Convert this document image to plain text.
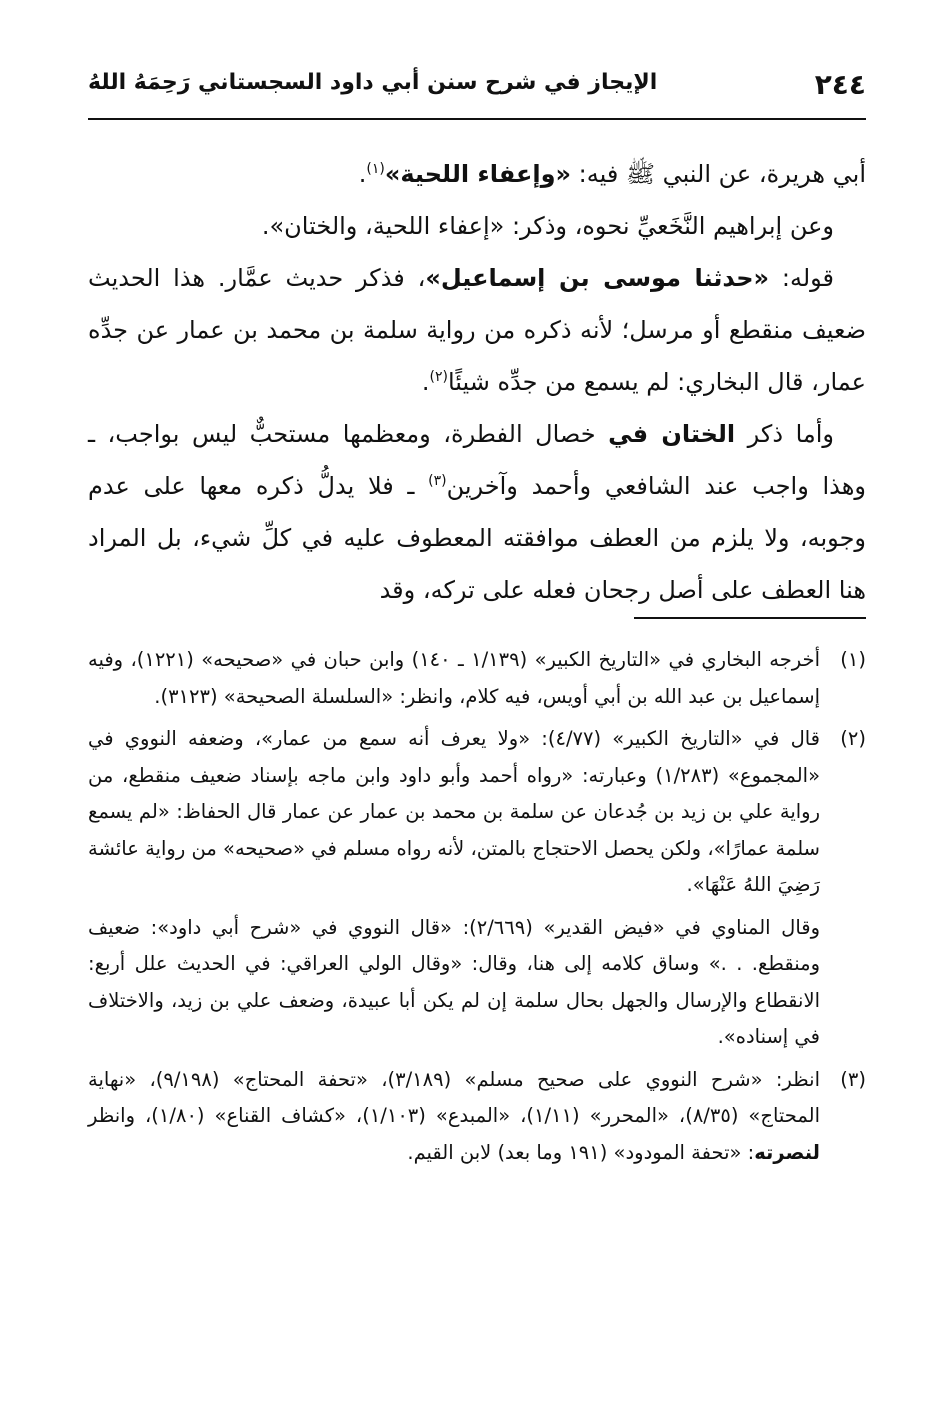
٢٤٤
الإيجاز في شرح سنن أبي داود السجستاني رَحِمَهُ اللهُ

أبي هريرة، عن النبي ﷺ فيه: «وإعفاء اللحية»$^{(١)}$.

وعن إبراهيم النَّخَعيِّ نحوه، وذكر: «إعفاء اللحية، والختان».

قوله: «حدثنا موسى بن إسماعيل»، فذكر حديث عمَّار. هذا الحديث ضعيف منقطع أو مرسل؛ لأنه ذكره من رواية سلمة بن محمد بن عمار عن جدِّه عمار، قال البخاري: لم يسمع من جدِّه شيئًا$^{(٢)}$.

وأما ذكر الختان في خصال الفطرة، ومعظمها مستحبٌّ ليس بواجب، ـ وهذا واجب عند الشافعي وأحمد وآخرين$^{(٣)}$ ـ فلا يدلُّ ذكره معها على عدم وجوبه، ولا يلزم من العطف موافقته المعطوف عليه في كلِّ شيء، بل المراد هنا العطف على أصل رجحان فعله على تركه، وقد

(١)
أخرجه البخاري في «التاريخ الكبير» (١/١٣٩ ـ ١٤٠) وابن حبان في «صحيحه» (١٢٢١)، وفيه إسماعيل بن عبد الله بن أبي أويس، فيه كلام، وانظر: «السلسلة الصحيحة» (٣١٢٣).

(٢)
قال في «التاريخ الكبير» (٤/٧٧): «ولا يعرف أنه سمع من عمار»، وضعفه النووي في «المجموع» (١/٢٨٣) وعبارته: «رواه أحمد وأبو داود وابن ماجه بإسناد ضعيف منقطع، من رواية علي بن زيد بن جُدعان عن سلمة بن محمد بن عمار عن عمار قال الحفاظ: «لم يسمع سلمة عمارًا»، ولكن يحصل الاحتجاج بالمتن، لأنه رواه مسلم في «صحيحه» من رواية عائشة رَضِيَ اللهُ عَنْهَا».

وقال المناوي في «فيض القدير» (٢/٦٦٩): «قال النووي في «شرح أبي داود»: ضعيف ومنقطع. . .» وساق كلامه إلى هنا، وقال: «وقال الولي العراقي: في الحديث علل أربع: الانقطاع والإرسال والجهل بحال سلمة إن لم يكن أبا عبيدة، وضعف علي بن زيد، والاختلاف في إسناده».

(٣)
انظر: «شرح النووي على صحيح مسلم» (٣/١٨٩)، «تحفة المحتاج» (٩/١٩٨)، «نهاية المحتاج» (٨/٣٥)، «المحرر» (١/١١)، «المبدع» (١/١٠٣)، «كشاف القناع» (١/٨٠)، وانظر لنصرته: «تحفة المودود» (١٩١ وما بعد) لابن القيم.
